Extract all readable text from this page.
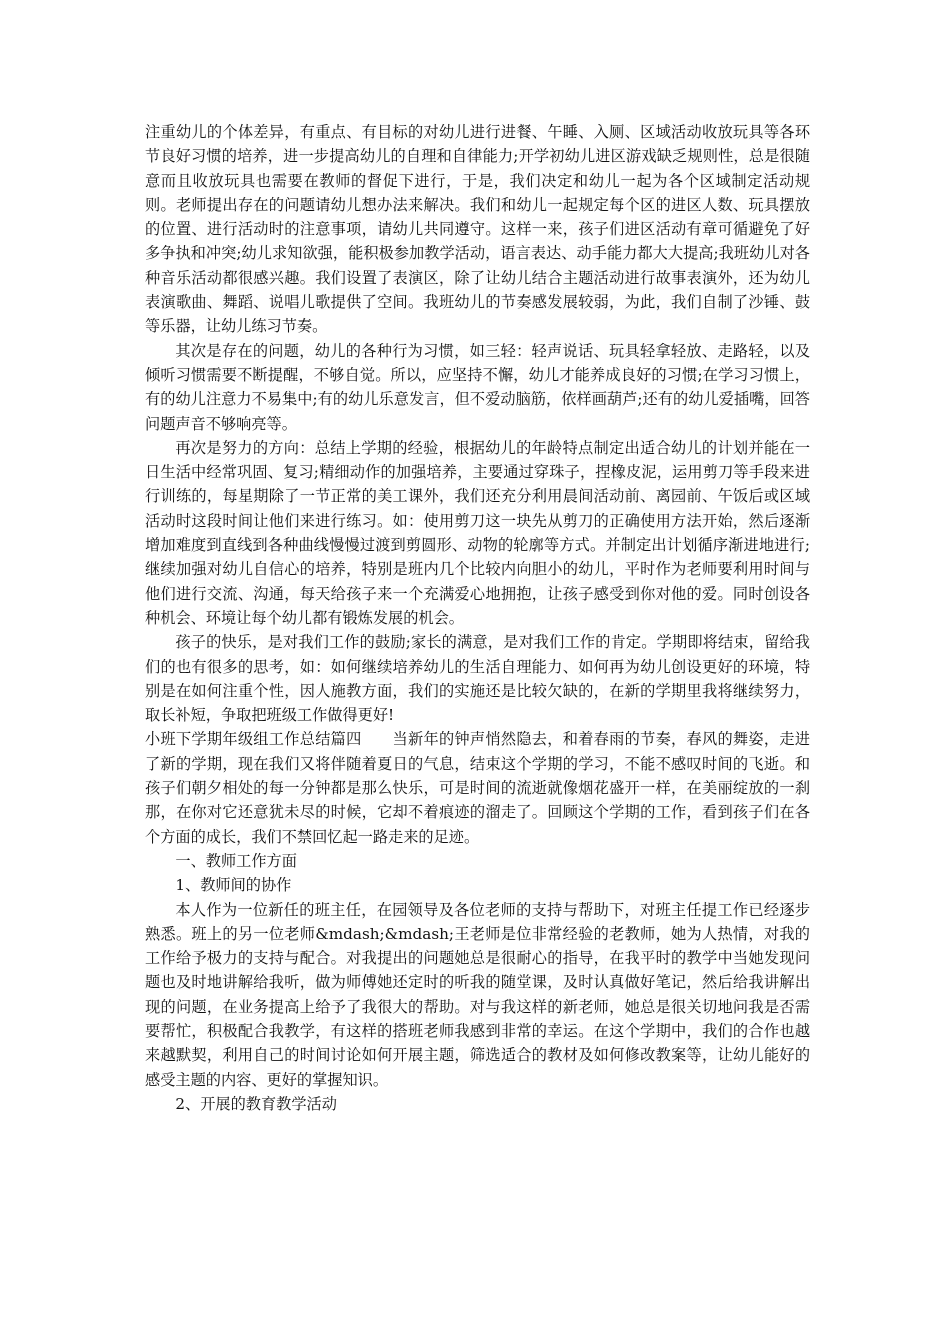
注重幼儿的个体差异，有重点、有目标的对幼儿进行进餐、午睡、入厕、区域活动收放玩具等各环节良好习惯的培养，进一步提高幼儿的自理和自律能力;开学初幼儿进区游戏缺乏规则性，总是很随意而且收放玩具也需要在教师的督促下进行，于是，我们决定和幼儿一起为各个区域制定活动规则。老师提出存在的问题请幼儿想办法来解决。我们和幼儿一起规定每个区的进区人数、玩具摆放的位置、进行活动时的注意事项，请幼儿共同遵守。这样一来，孩子们进区活动有章可循避免了好多争执和冲突;幼儿求知欲强，能积极参加教学活动，语言表达、动手能力都大大提高;我班幼儿对各种音乐活动都很感兴趣。我们设置了表演区，除了让幼儿结合主题活动进行故事表演外，还为幼儿表演歌曲、舞蹈、说唱儿歌提供了空间。我班幼儿的节奏感发展较弱，为此，我们自制了沙锤、鼓等乐器，让幼儿练习节奏。

其次是存在的问题，幼儿的各种行为习惯，如三轻：轻声说话、玩具轻拿轻放、走路轻，以及倾听习惯需要不断提醒，不够自觉。所以，应坚持不懈，幼儿才能养成良好的习惯;在学习习惯上，有的幼儿注意力不易集中;有的幼儿乐意发言，但不爱动脑筋，依样画葫芦;还有的幼儿爱插嘴，回答问题声音不够响亮等。

再次是努力的方向：总结上学期的经验，根据幼儿的年龄特点制定出适合幼儿的计划并能在一日生活中经常巩固、复习;精细动作的加强培养，主要通过穿珠子，捏橡皮泥，运用剪刀等手段来进行训练的，每星期除了一节正常的美工课外，我们还充分利用晨间活动前、离园前、午饭后或区域活动时这段时间让他们来进行练习。如：使用剪刀这一块先从剪刀的正确使用方法开始，然后逐渐增加难度到直线到各种曲线慢慢过渡到剪圆形、动物的轮廓等方式。并制定出计划循序渐进地进行;继续加强对幼儿自信心的培养，特别是班内几个比较内向胆小的幼儿，平时作为老师要利用时间与他们进行交流、沟通，每天给孩子来一个充满爱心地拥抱，让孩子感受到你对他的爱。同时创设各种机会、环境让每个幼儿都有锻炼发展的机会。

孩子的快乐，是对我们工作的鼓励;家长的满意，是对我们工作的肯定。学期即将结束，留给我们的也有很多的思考，如：如何继续培养幼儿的生活自理能力、如何再为幼儿创设更好的环境，特别是在如何注重个性，因人施教方面，我们的实施还是比较欠缺的，在新的学期里我将继续努力，取长补短，争取把班级工作做得更好!

小班下学期年级组工作总结篇四　　当新年的钟声悄然隐去，和着春雨的节奏，春风的舞姿，走进了新的学期，现在我们又将伴随着夏日的气息，结束这个学期的学习，不能不感叹时间的飞逝。和孩子们朝夕相处的每一分钟都是那么快乐，可是时间的流逝就像烟花盛开一样，在美丽绽放的一刹那，在你对它还意犹未尽的时候，它却不着痕迹的溜走了。回顾这个学期的工作，看到孩子们在各个方面的成长，我们不禁回忆起一路走来的足迹。

一、教师工作方面

1、教师间的协作

本人作为一位新任的班主任，在园领导及各位老师的支持与帮助下，对班主任提工作已经逐步熟悉。班上的另一位老师&mdash;&mdash;王老师是位非常经验的老教师，她为人热情，对我的工作给予极力的支持与配合。对我提出的问题她总是很耐心的指导，在我平时的教学中当她发现问题也及时地讲解给我听，做为师傅她还定时的听我的随堂课，及时认真做好笔记，然后给我讲解出现的问题，在业务提高上给予了我很大的帮助。对与我这样的新老师，她总是很关切地问我是否需要帮忙，积极配合我教学，有这样的搭班老师我感到非常的幸运。在这个学期中，我们的合作也越来越默契，利用自己的时间讨论如何开展主题，筛选适合的教材及如何修改教案等，让幼儿能好的感受主题的内容、更好的掌握知识。

2、开展的教育教学活动
